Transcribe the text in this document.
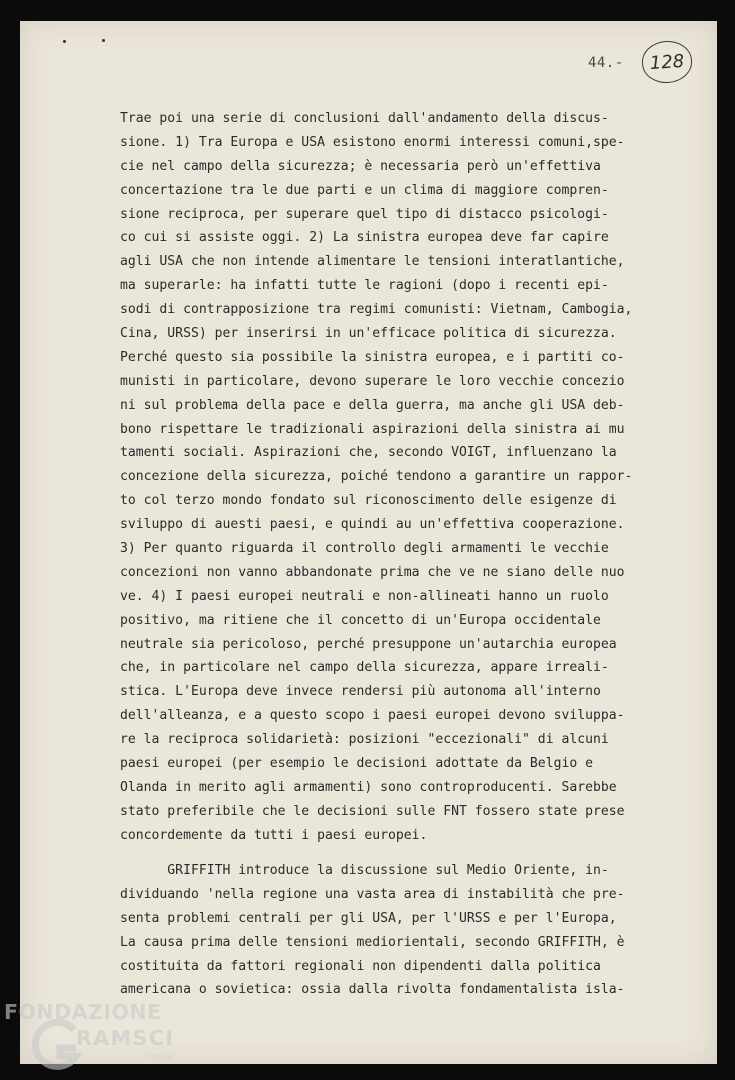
44.-	128
Trae poi una serie di conclusioni dall'andamento della discus-
sione. 1) Tra Europa e USA esistono enormi interessi comuni,spe-
cie nel campo della sicurezza; è necessaria però un'effettiva
concertazione tra le due parti e un clima di maggiore compren-
sione reciproca, per superare quel tipo di distacco psicologi-
co cui si assiste oggi. 2) La sinistra europea deve far capire
agli USA che non intende alimentare le tensioni interatlantiche,
ma superarle: ha infatti tutte le ragioni (dopo i recenti epi-
sodi di contrapposizione tra regimi comunisti: Vietnam, Cambogia,
Cina, URSS) per inserirsi in un'efficace politica di sicurezza.
Perché questo sia possibile la sinistra europea, e i partiti co-
munisti in particolare, devono superare le loro vecchie concezio
ni sul problema della pace e della guerra, ma anche gli USA deb-
bono rispettare le tradizionali aspirazioni della sinistra ai mu
tamenti sociali. Aspirazioni che, secondo VOIGT, influenzano la
concezione della sicurezza, poiché tendono a garantire un rappor-
to col terzo mondo fondato sul riconoscimento delle esigenze di
sviluppo di auesti paesi, e quindi au un'effettiva cooperazione.
3) Per quanto riguarda il controllo degli armamenti le vecchie
concezioni non vanno abbandonate prima che ve ne siano delle nuo
ve. 4) I paesi europei neutrali e non-allineati hanno un ruolo
positivo, ma ritiene che il concetto di un'Europa occidentale
neutrale sia pericoloso, perché presuppone un'autarchia europea
che, in particolare nel campo della sicurezza, appare irreali-
stica. L'Europa deve invece rendersi più autonoma all'interno
dell'alleanza, e a questo scopo i paesi europei devono sviluppa-
re la reciproca solidarietà: posizioni "eccezionali" di alcuni
paesi europei (per esempio le decisioni adottate da Belgio e
Olanda in merito agli armamenti) sono controproducenti. Sarebbe
stato preferibile che le decisioni sulle FNT fossero state prese
concordemente da tutti i paesi europei.
GRIFFITH introduce la discussione sul Medio Oriente, in-
dividuando 'nella regione una vasta area di instabilità che pre-
senta problemi centrali per gli USA, per l'URSS e per l'Europa,
La causa prima delle tensioni mediorientali, secondo GRIFFITH, è
costituita da fattori regionali non dipendenti dalla politica
americana o sovietica: ossia dalla rivolta fondamentalista isla-
FONDAZIONE
RAMSCI
onlus
